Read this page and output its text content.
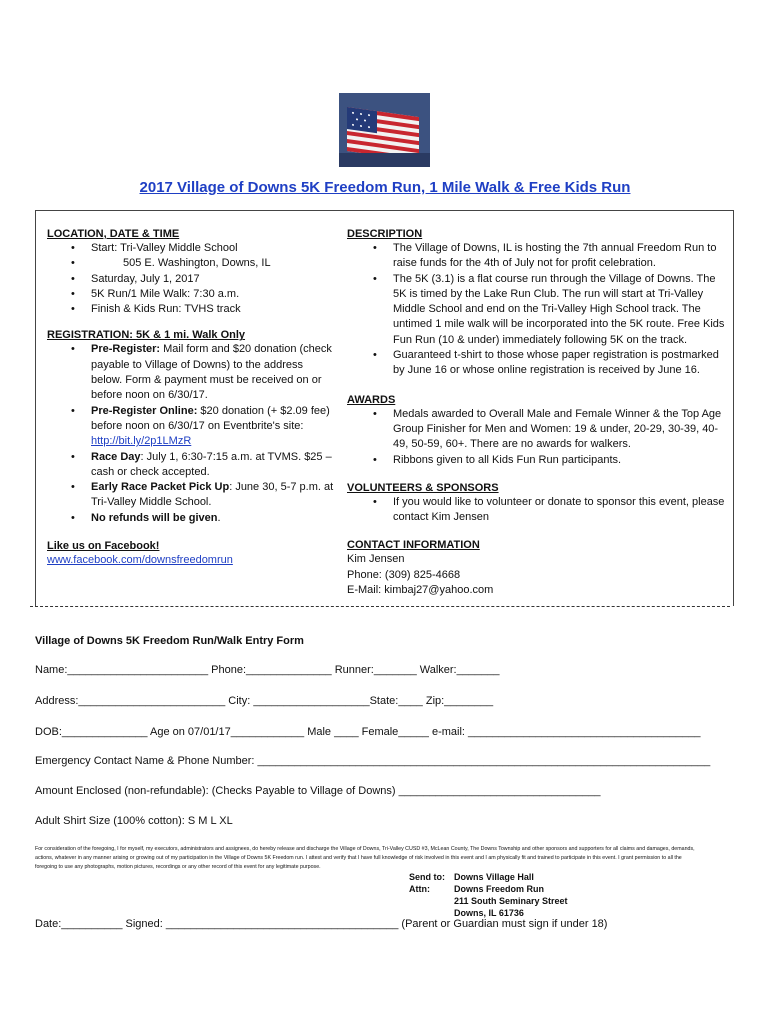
2017 Village of Downs 5K Freedom Run, 1 Mile Walk & Free Kids Run

LOCATION, DATE & TIME

• Start: Tri-Valley Middle School
• 505 E. Washington, Downs, IL
• Saturday, July 1, 2017
• 5K Run/1 Mile Walk: 7:30 a.m.
• Finish & Kids Run: TVHS track

REGISTRATION: 5K & 1 mi. Walk Only

• Pre-Register: Mail form and $20 donation (check payable to Village of Downs) to the address below. Form & payment must be received on or before noon on 6/30/17.
• Pre-Register Online: $20 donation (+ $2.09 fee) before noon on 6/30/17 on Eventbrite's site:
http://bit.ly/2p1LMzR
• Race Day: July 1, 6:30-7:15 a.m. at TVMS. $25 – cash or check accepted.
• Early Race Packet Pick Up: June 30, 5-7 p.m. at Tri-Valley Middle School.
• No refunds will be given.

Like us on Facebook!

www.facebook.com/downsfreedomrun

DESCRIPTION

• The Village of Downs, IL is hosting the 7th annual Freedom Run to raise funds for the 4th of July not for profit celebration.
• The 5K (3.1) is a flat course run through the Village of Downs. The 5K is timed by the Lake Run Club. The run will start at Tri-Valley Middle School and end on the Tri-Valley High School track. The untimed 1 mile walk will be incorporated into the 5K route. Free Kids Fun Run (10 & under) immediately following 5K on the track.
• Guaranteed t-shirt to those whose paper registration is postmarked by June 16 or whose online registration is received by June 16.

AWARDS

• Medals awarded to Overall Male and Female Winner & the Top Age Group Finisher for Men and Women: 19 & under, 20-29, 30-39, 40-49, 50-59, 60+. There are no awards for walkers.
• Ribbons given to all Kids Fun Run participants.

VOLUNTEERS & SPONSORS

• If you would like to volunteer or donate to sponsor this event, please contact Kim Jensen

CONTACT INFORMATION

Kim Jensen
Phone: (309) 825-4668
E-Mail: kimbaj27@yahoo.com
Village of Downs 5K Freedom Run/Walk Entry Form
Name:_______________________ Phone:______________ Runner:_______ Walker:_______
Address:________________________ City: ___________________State:____ Zip:________
DOB:______________ Age on 07/01/17____________ Male ____ Female_____ e-mail: ______________________________________
Emergency Contact Name & Phone Number: __________________________________________________________________________
Amount Enclosed (non-refundable): (Checks Payable to Village of Downs) _________________________________
Adult Shirt Size (100% cotton): S M L XL
For consideration of the foregoing, I for myself, my executors, administrators and assignees, do hereby release and discharge the Village of Downs, Tri-Valley CUSD #3, McLean County, The Downs Township and other sponsors and supporters for all claims and damages, demands, actions, whatever in any manner arising or growing out of my participation in the Village of Downs 5K Freedom run. I attest and verify that I have full knowledge of risk involved in this event and I am physically fit and trained to participate in this event. I grant permission to all the foregoing to use any photographs, motion pictures, recordings or any other record of this event for any legitimate purpose.
Send to: Downs Village Hall
Attn:	Downs Freedom Run
211 South Seminary Street
Downs, IL 61736
Date:__________ Signed: ______________________________________ (Parent or Guardian must sign if under 18)
